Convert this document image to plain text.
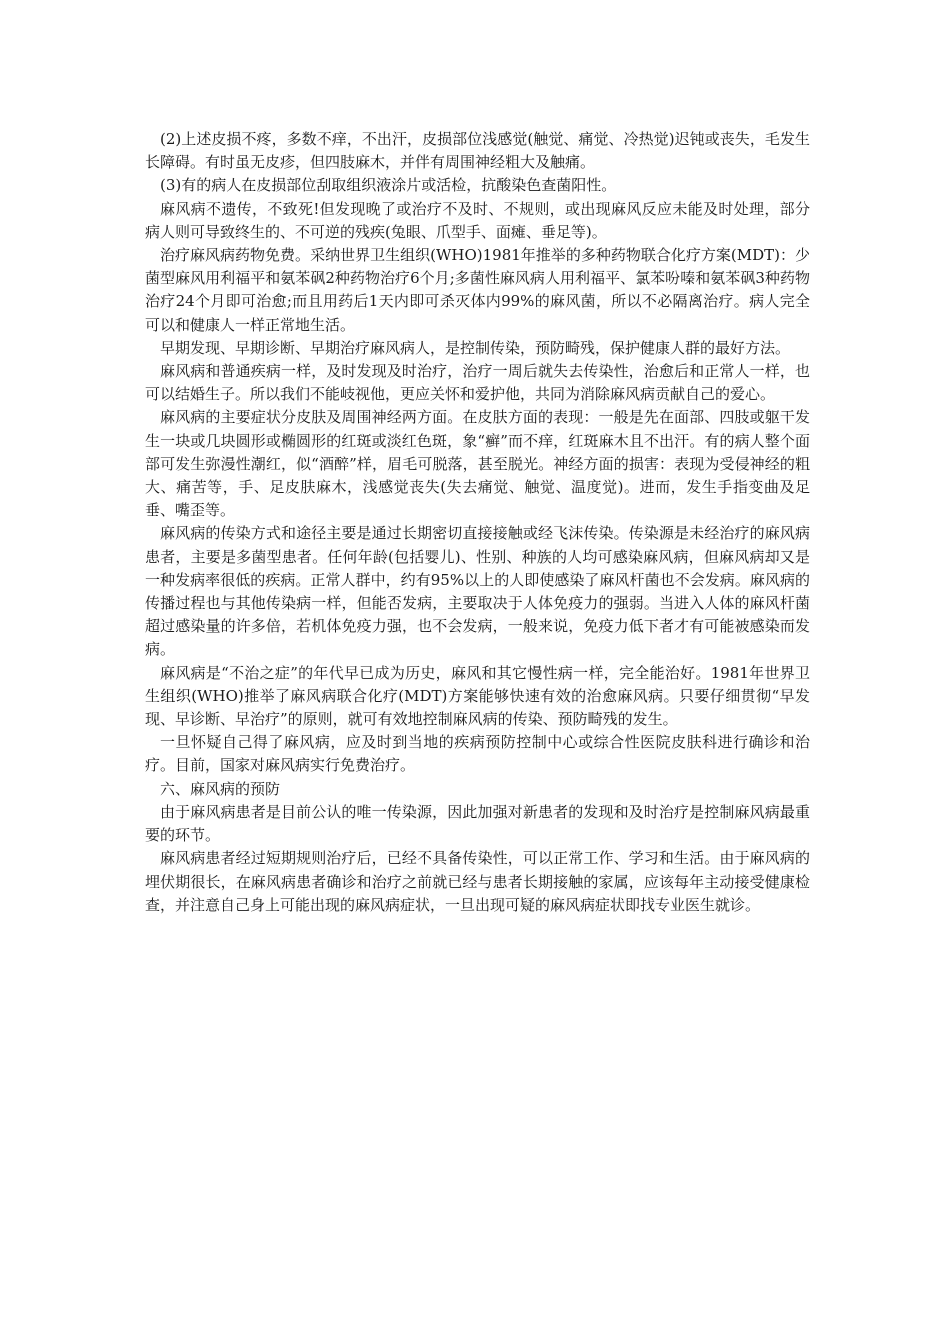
(2)上述皮损不疼，多数不痒，不出汗，皮损部位浅感觉(触觉、痛觉、冷热觉)迟钝或丧失，毛发生长障碍。有时虽无皮疹，但四肢麻木，并伴有周围神经粗大及触痛。

(3)有的病人在皮损部位刮取组织液涂片或活检，抗酸染色查菌阳性。

麻风病不遗传，不致死!但发现晚了或治疗不及时、不规则，或出现麻风反应未能及时处理，部分病人则可导致终生的、不可逆的残疾(兔眼、爪型手、面瘫、垂足等)。

治疗麻风病药物免费。采纳世界卫生组织(WHO)1981年推举的多种药物联合化疗方案(MDT)：少菌型麻风用利福平和氨苯砜2种药物治疗6个月;多菌性麻风病人用利福平、氯苯吩嗪和氨苯砜3种药物治疗24个月即可治愈;而且用药后1天内即可杀灭体内99%的麻风菌，所以不必隔离治疗。病人完全可以和健康人一样正常地生活。

早期发现、早期诊断、早期治疗麻风病人，是控制传染，预防畸残，保护健康人群的最好方法。

麻风病和普通疾病一样，及时发现及时治疗，治疗一周后就失去传染性，治愈后和正常人一样，也可以结婚生子。所以我们不能岐视他，更应关怀和爱护他，共同为消除麻风病贡献自己的爱心。

麻风病的主要症状分皮肤及周围神经两方面。在皮肤方面的表现：一般是先在面部、四肢或躯干发生一块或几块圆形或椭圆形的红斑或淡红色斑，象“癣”而不痒，红斑麻木且不出汗。有的病人整个面部可发生弥漫性潮红，似“酒醉”样，眉毛可脱落，甚至脱光。神经方面的损害：表现为受侵神经的粗大、痛苦等，手、足皮肤麻木，浅感觉丧失(失去痛觉、触觉、温度觉)。进而，发生手指变曲及足垂、嘴歪等。

麻风病的传染方式和途径主要是通过长期密切直接接触或经飞沫传染。传染源是未经治疗的麻风病患者，主要是多菌型患者。任何年龄(包括婴儿)、性别、种族的人均可感染麻风病，但麻风病却又是一种发病率很低的疾病。正常人群中，约有95%以上的人即使感染了麻风杆菌也不会发病。麻风病的传播过程也与其他传染病一样，但能否发病，主要取决于人体免疫力的强弱。当进入人体的麻风杆菌超过感染量的许多倍，若机体免疫力强，也不会发病，一般来说，免疫力低下者才有可能被感染而发病。

麻风病是“不治之症”的年代早已成为历史，麻风和其它慢性病一样，完全能治好。1981年世界卫生组织(WHO)推举了麻风病联合化疗(MDT)方案能够快速有效的治愈麻风病。只要仔细贯彻“早发现、早诊断、早治疗”的原则，就可有效地控制麻风病的传染、预防畸残的发生。

一旦怀疑自己得了麻风病，应及时到当地的疾病预防控制中心或综合性医院皮肤科进行确诊和治疗。目前，国家对麻风病实行免费治疗。

六、麻风病的预防

由于麻风病患者是目前公认的唯一传染源，因此加强对新患者的发现和及时治疗是控制麻风病最重要的环节。

麻风病患者经过短期规则治疗后，已经不具备传染性，可以正常工作、学习和生活。由于麻风病的埋伏期很长，在麻风病患者确诊和治疗之前就已经与患者长期接触的家属，应该每年主动接受健康检查，并注意自己身上可能出现的麻风病症状，一旦出现可疑的麻风病症状即找专业医生就诊。
